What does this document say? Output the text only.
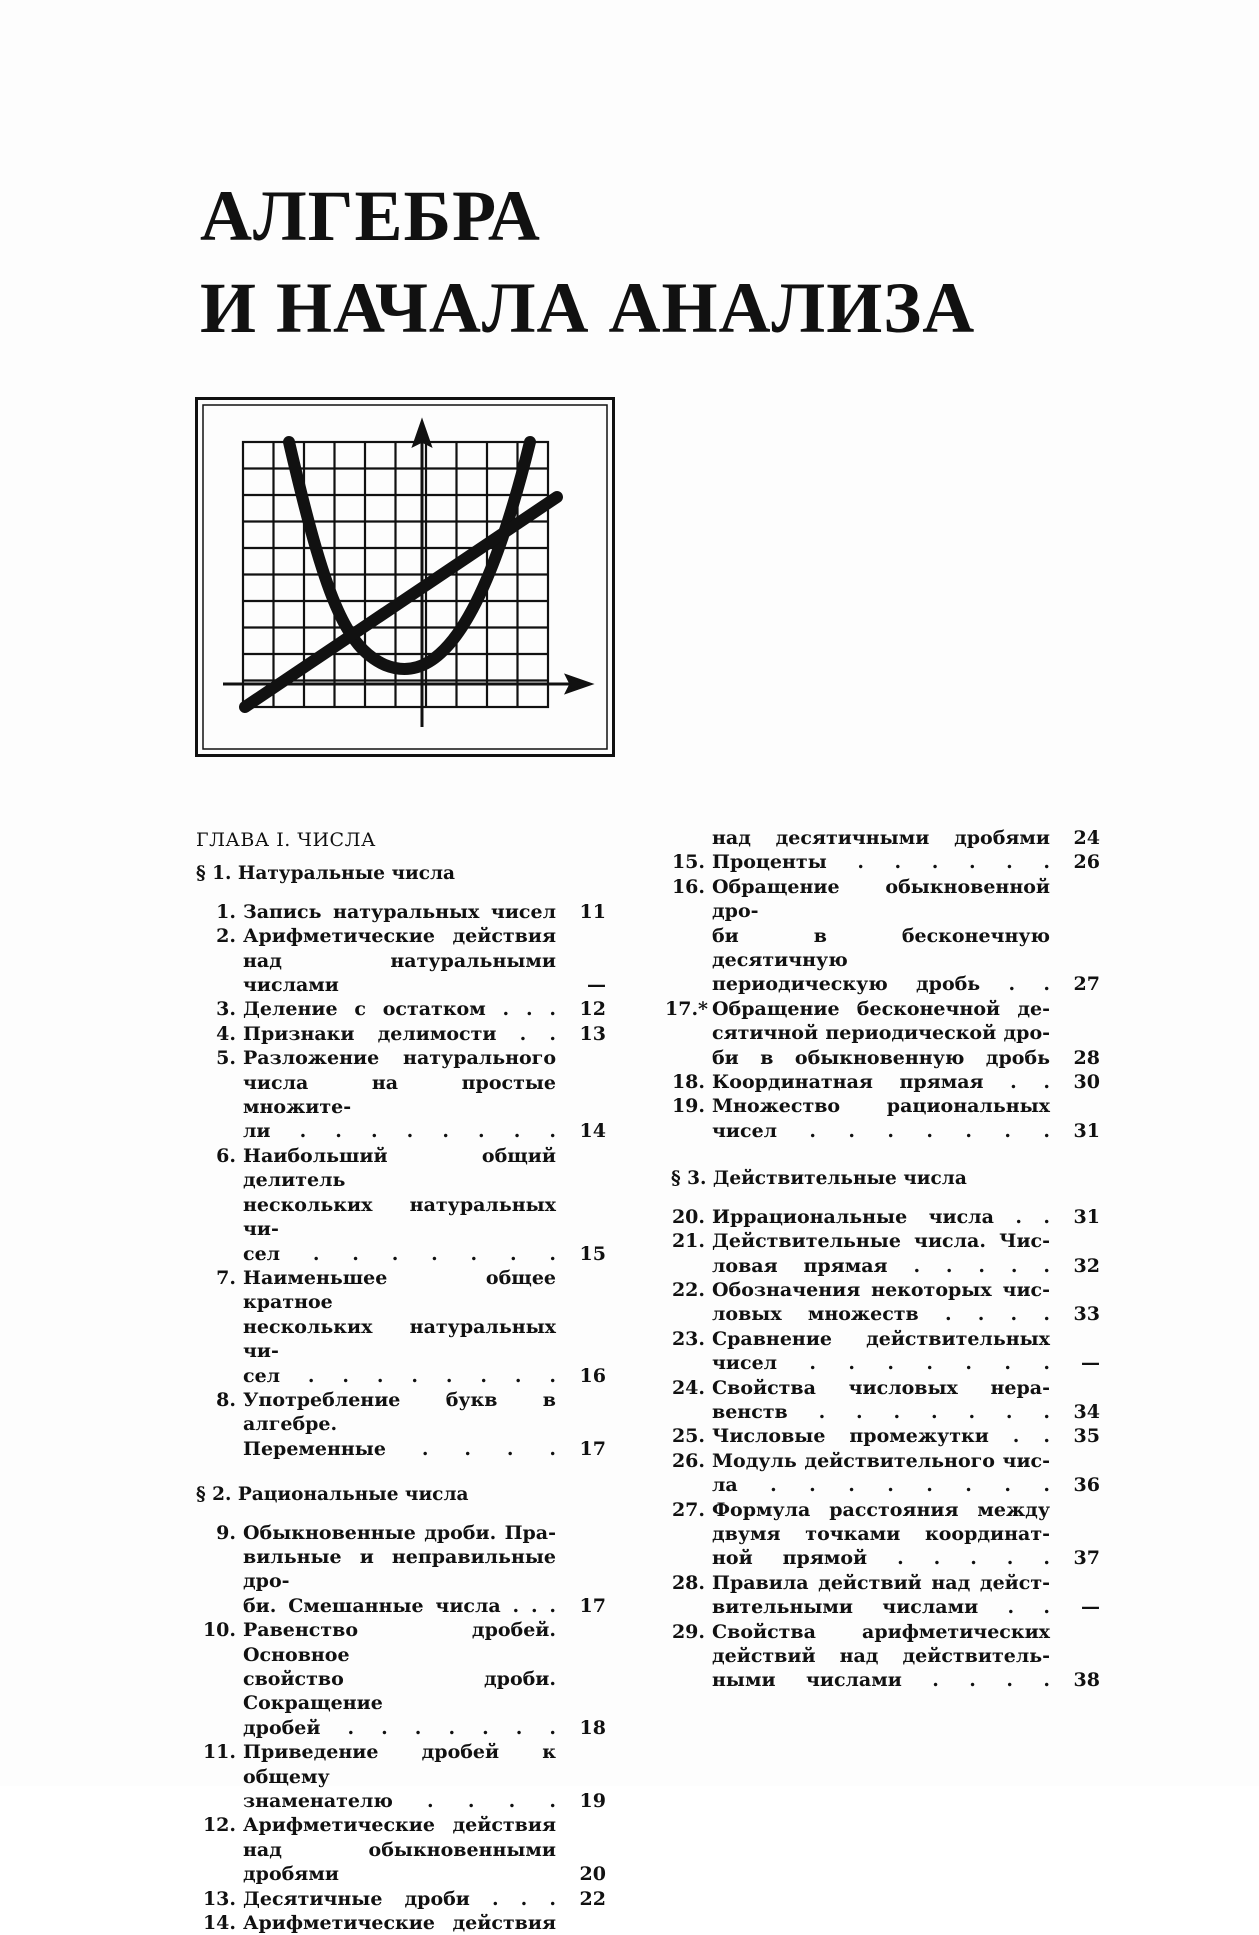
АЛГЕБРА
И НАЧАЛА АНАЛИЗА
ГЛАВА I. ЧИСЛА
§ 1. Натуральные числа
1. Запись натуральных чисел	11
2. Арифметические действия
над натуральными числами	—
3. Деление с остатком . . .	12
4. Признаки делимости . .	13
5. Разложение натурального
числа на простые множите-
ли . . . . . . . .	14
6. Наибольший общий делитель
нескольких натуральных чи-
сел . . . . . . .	15
7. Наименьшее общее кратное
нескольких натуральных чи-
сел . . . . . . . .	16
8. Употребление букв в алгебре.
Переменные . . . .	17
§ 2. Рациональные числа
9. Обыкновенные дроби. Пра-
вильные и неправильные дро-
би. Смешанные числа . . .	17
10. Равенство дробей. Основное
свойство дроби. Сокращение
дробей . . . . . . .	18
11. Приведение дробей к общему
знаменателю . . . .	19
12. Арифметические действия
над обыкновенными дробями	20
13. Десятичные дроби . . .	22
14. Арифметические действия
над десятичными дробями	24
15. Проценты . . . . . .	26
16. Обращение обыкновенной дро-
би в бесконечную десятичную
периодическую дробь . .	27
17.* Обращение бесконечной де-
сятичной периодической дро-
би в обыкновенную дробь	28
18. Координатная прямая . .	30
19. Множество рациональных
чисел . . . . . . .	31
§ 3. Действительные числа
20. Иррациональные числа . .	31
21. Действительные числа. Чис-
ловая прямая . . . . .	32
22. Обозначения некоторых чис-
ловых множеств . . . .	33
23. Сравнение действительных
чисел . . . . . . .	—
24. Свойства числовых нера-
венств . . . . . . .	34
25. Числовые промежутки . .	35
26. Модуль действительного чис-
ла . . . . . . . .	36
27. Формула расстояния между
двумя точками координат-
ной прямой . . . . .	37
28. Правила действий над дейст-
вительными числами . .	—
29. Свойства арифметических
действий над действитель-
ными числами . . . .	38
